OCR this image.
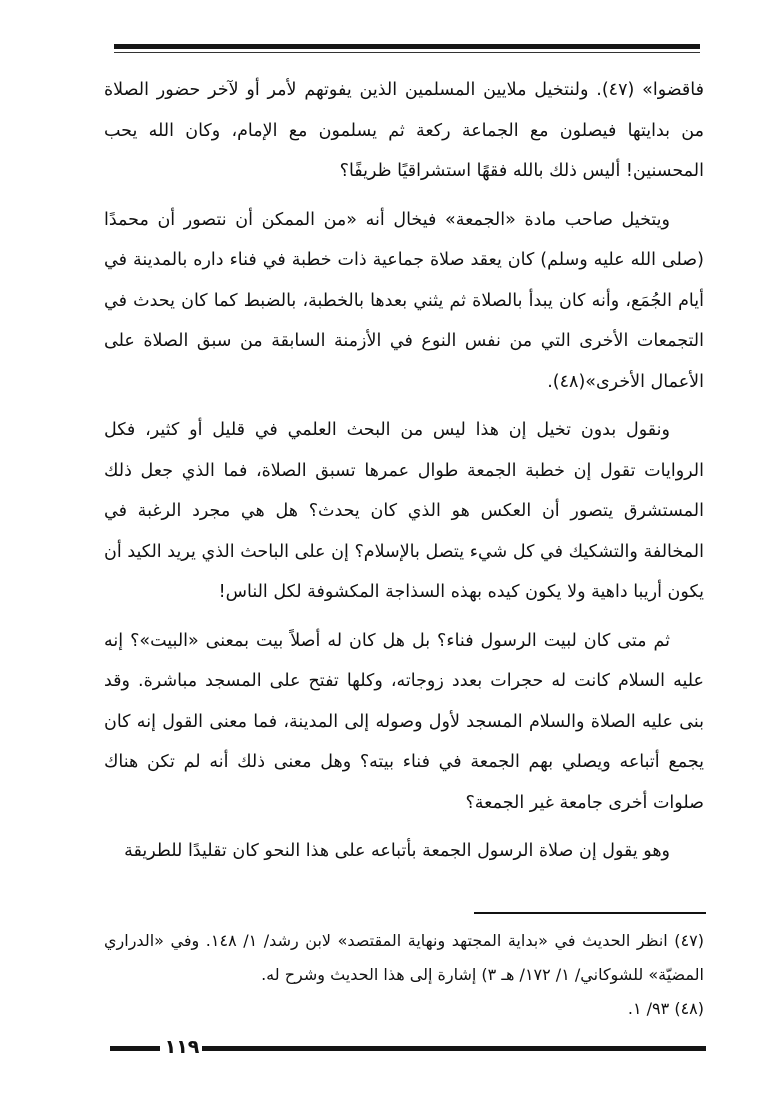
فاقضوا» (٤٧). ولنتخيل ملايين المسلمين الذين يفوتهم لأمر أو لآخر حضور الصلاة من بدايتها فيصلون مع الجماعة ركعة ثم يسلمون مع الإمام، وكان الله يحب المحسنين! أليس ذلك بالله فقهًا استشراقيًا ظريفًا؟

ويتخيل صاحب مادة «الجمعة» فيخال أنه «من الممكن أن نتصور أن محمدًا (صلى الله عليه وسلم) كان يعقد صلاة جماعية ذات خطبة في فناء داره بالمدينة في أيام الجُمَع، وأنه كان يبدأ بالصلاة ثم يثني بعدها بالخطبة، بالضبط كما كان يحدث في التجمعات الأخرى التي من نفس النوع في الأزمنة السابقة من سبق الصلاة على الأعمال الأخرى»(٤٨).

ونقول بدون تخيل إن هذا ليس من البحث العلمي في قليل أو كثير، فكل الروايات تقول إن خطبة الجمعة طوال عمرها تسبق الصلاة، فما الذي جعل ذلك المستشرق يتصور أن العكس هو الذي كان يحدث؟ هل هي مجرد الرغبة في المخالفة والتشكيك في كل شيء يتصل بالإسلام؟ إن على الباحث الذي يريد الكيد أن يكون أريبا داهية ولا يكون كيده بهذه السذاجة المكشوفة لكل الناس!

ثم متى كان لبيت الرسول فناء؟ بل هل كان له أصلاً بيت بمعنى «البيت»؟ إنه عليه السلام كانت له حجرات بعدد زوجاته، وكلها تفتح على المسجد مباشرة. وقد بنى عليه الصلاة والسلام المسجد لأول وصوله إلى المدينة، فما معنى القول إنه كان يجمع أتباعه ويصلي بهم الجمعة في فناء بيته؟ وهل معنى ذلك أنه لم تكن هناك صلوات أخرى جامعة غير الجمعة؟

وهو يقول إن صلاة الرسول الجمعة بأتباعه على هذا النحو كان تقليدًا للطريقة

(٤٧) انظر الحديث في «بداية المجتهد ونهاية المقتصد» لابن رشد/ ١/ ١٤٨. وفي «الدراري المضيّة» للشوكاني/ ١/ ١٧٢/ هـ ٣) إشارة إلى هذا الحديث وشرح له.

(٤٨) ٩٣/ ١.

١١٩
